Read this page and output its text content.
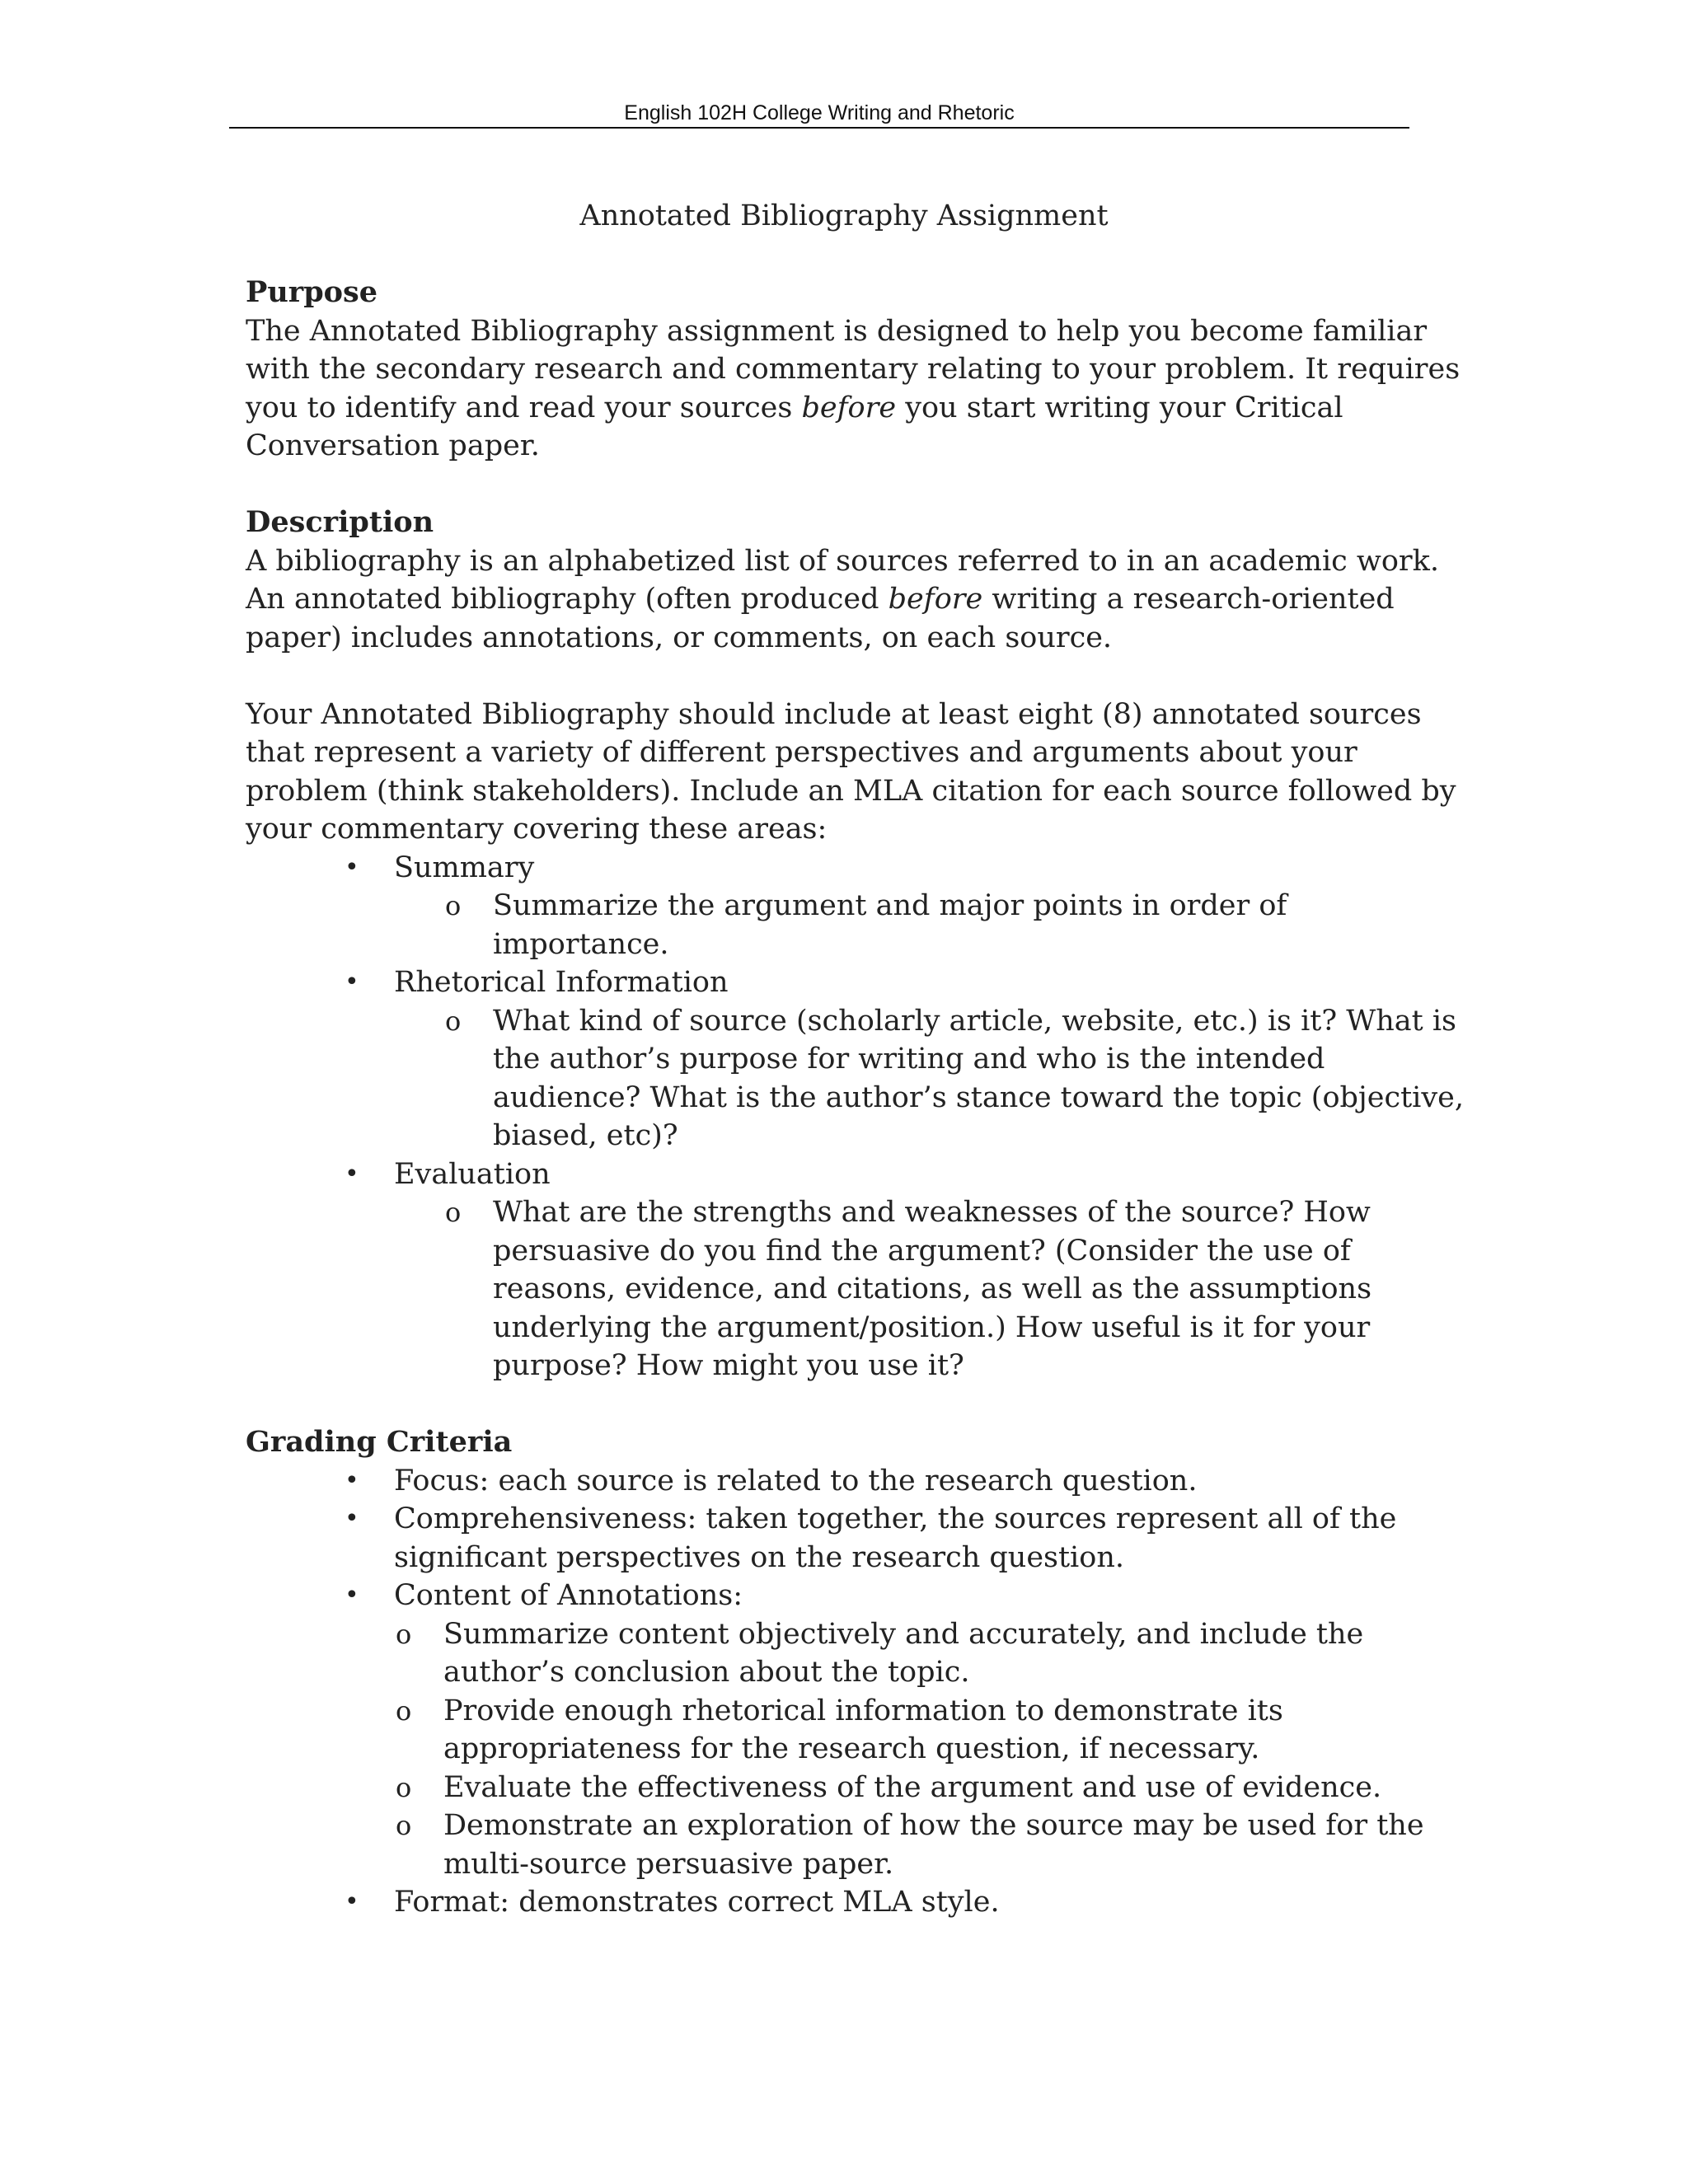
English 102H College Writing and Rhetoric
Annotated Bibliography Assignment
Purpose

The Annotated Bibliography assignment is designed to help you become familiar with the secondary research and commentary relating to your problem. It requires you to identify and read your sources before you start writing your Critical Conversation paper.

Description

A bibliography is an alphabetized list of sources referred to in an academic work. An annotated bibliography (often produced before writing a research-oriented paper) includes annotations, or comments, on each source.

Your Annotated Bibliography should include at least eight (8) annotated sources that represent a variety of different perspectives and arguments about your problem (think stakeholders). Include an MLA citation for each source followed by your commentary covering these areas:

• Summary
o Summarize the argument and major points in order of importance.
• Rhetorical Information
o What kind of source (scholarly article, website, etc.) is it? What is the author’s purpose for writing and who is the intended audience? What is the author’s stance toward the topic (objective, biased, etc)?
• Evaluation
o What are the strengths and weaknesses of the source? How persuasive do you find the argument? (Consider the use of reasons, evidence, and citations, as well as the assumptions underlying the argument/position.) How useful is it for your purpose? How might you use it?
Grading Criteria
• Focus: each source is related to the research question.
• Comprehensiveness: taken together, the sources represent all of the significant perspectives on the research question.
• Content of Annotations:
o Summarize content objectively and accurately, and include the author’s conclusion about the topic.
o Provide enough rhetorical information to demonstrate its appropriateness for the research question, if necessary.
o Evaluate the effectiveness of the argument and use of evidence.
o Demonstrate an exploration of how the source may be used for the multi-source persuasive paper.
• Format: demonstrates correct MLA style.
